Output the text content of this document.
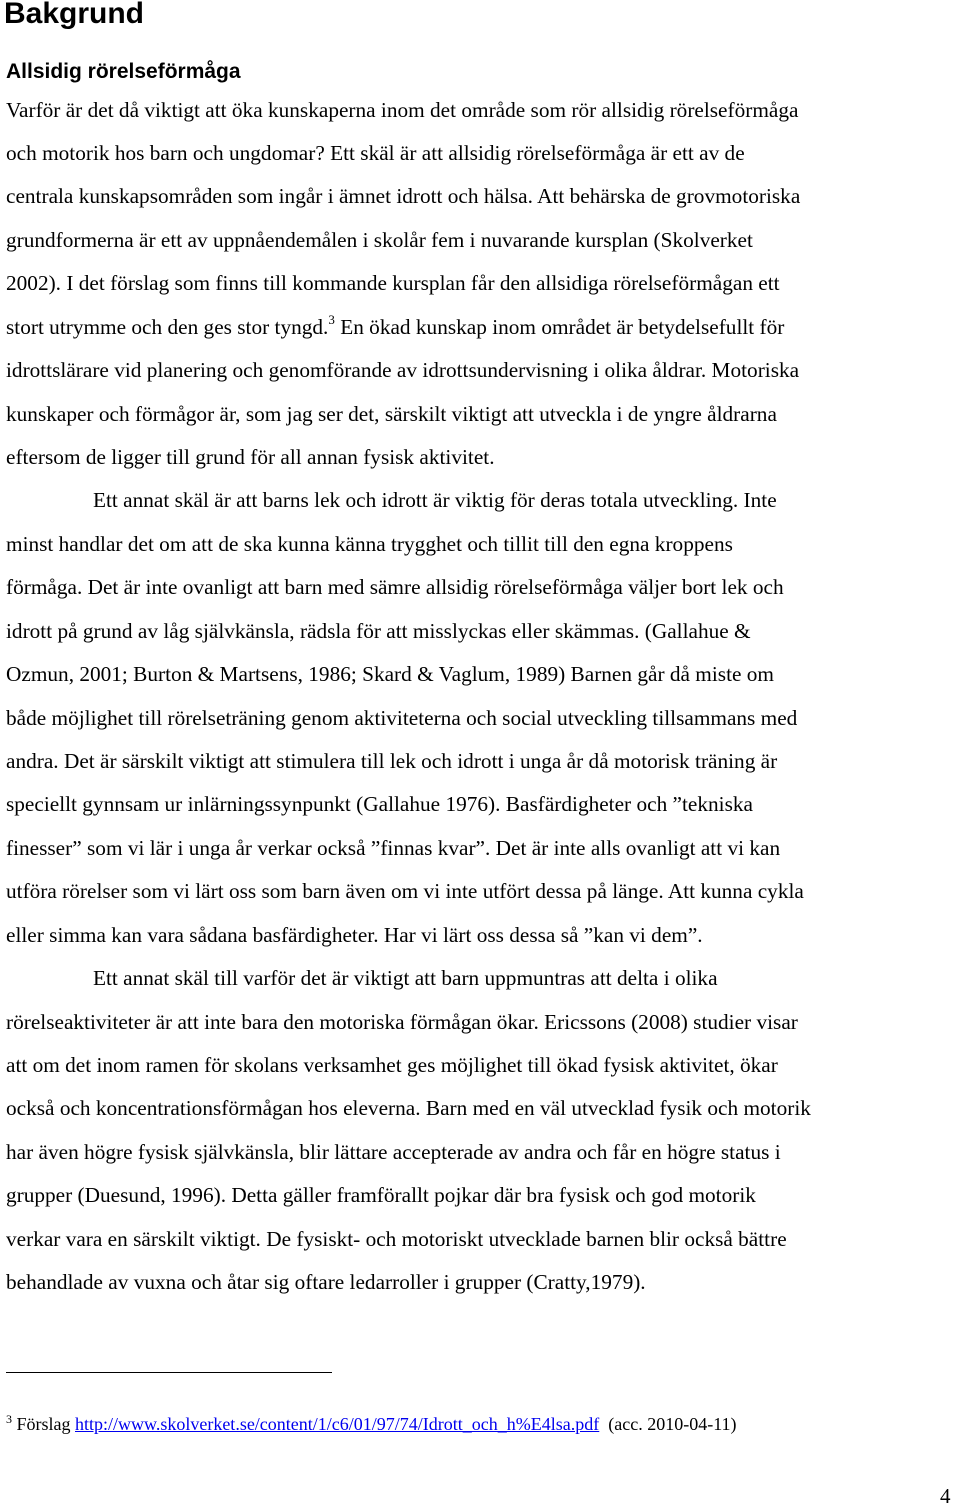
Bakgrund
Allsidig rörelseförmåga
Varför är det då viktigt att öka kunskaperna inom det område som rör allsidig rörelseförmåga
och motorik hos barn och ungdomar? Ett skäl är att allsidig rörelseförmåga är ett av de
centrala kunskapsområden som ingår i ämnet idrott och hälsa. Att behärska de grovmotoriska
grundformerna är ett av uppnåendemålen i skolår fem i nuvarande kursplan (Skolverket
2002). I det förslag som finns till kommande kursplan får den allsidiga rörelseförmågan ett
stort utrymme och den ges stor tyngd.$^3$ En ökad kunskap inom området är betydelsefullt för
idrottslärare vid planering och genomförande av idrottsundervisning i olika åldrar. Motoriska
kunskaper och förmågor är, som jag ser det, särskilt viktigt att utveckla i de yngre åldrarna
eftersom de ligger till grund för all annan fysisk aktivitet.
Ett annat skäl är att barns lek och idrott är viktig för deras totala utveckling. Inte
minst handlar det om att de ska kunna känna trygghet och tillit till den egna kroppens
förmåga. Det är inte ovanligt att barn med sämre allsidig rörelseförmåga väljer bort lek och
idrott på grund av låg självkänsla, rädsla för att misslyckas eller skämmas. (Gallahue &
Ozmun, 2001; Burton & Martsens, 1986; Skard & Vaglum, 1989) Barnen går då miste om
både möjlighet till rörelseträning genom aktiviteterna och social utveckling tillsammans med
andra. Det är särskilt viktigt att stimulera till lek och idrott i unga år då motorisk träning är
speciellt gynnsam ur inlärningssynpunkt (Gallahue 1976). Basfärdigheter och ”tekniska
finesser” som vi lär i unga år verkar också ”finnas kvar”. Det är inte alls ovanligt att vi kan
utföra rörelser som vi lärt oss som barn även om vi inte utfört dessa på länge. Att kunna cykla
eller simma kan vara sådana basfärdigheter. Har vi lärt oss dessa så ”kan vi dem”.
Ett annat skäl till varför det är viktigt att barn uppmuntras att delta i olika
rörelseaktiviteter är att inte bara den motoriska förmågan ökar. Ericssons (2008) studier visar
att om det inom ramen för skolans verksamhet ges möjlighet till ökad fysisk aktivitet, ökar
också och koncentrationsförmågan hos eleverna. Barn med en väl utvecklad fysik och motorik
har även högre fysisk självkänsla, blir lättare accepterade av andra och får en högre status i
grupper (Duesund, 1996). Detta gäller framförallt pojkar där bra fysisk och god motorik
verkar vara en särskilt viktigt. De fysiskt- och motoriskt utvecklade barnen blir också bättre
behandlade av vuxna och åtar sig oftare ledarroller i grupper (Cratty,1979).
$^3$ Förslag http://www.skolverket.se/content/1/c6/01/97/74/Idrott_och_h%E4lsa.pdf  (acc. 2010-04-11)
4
